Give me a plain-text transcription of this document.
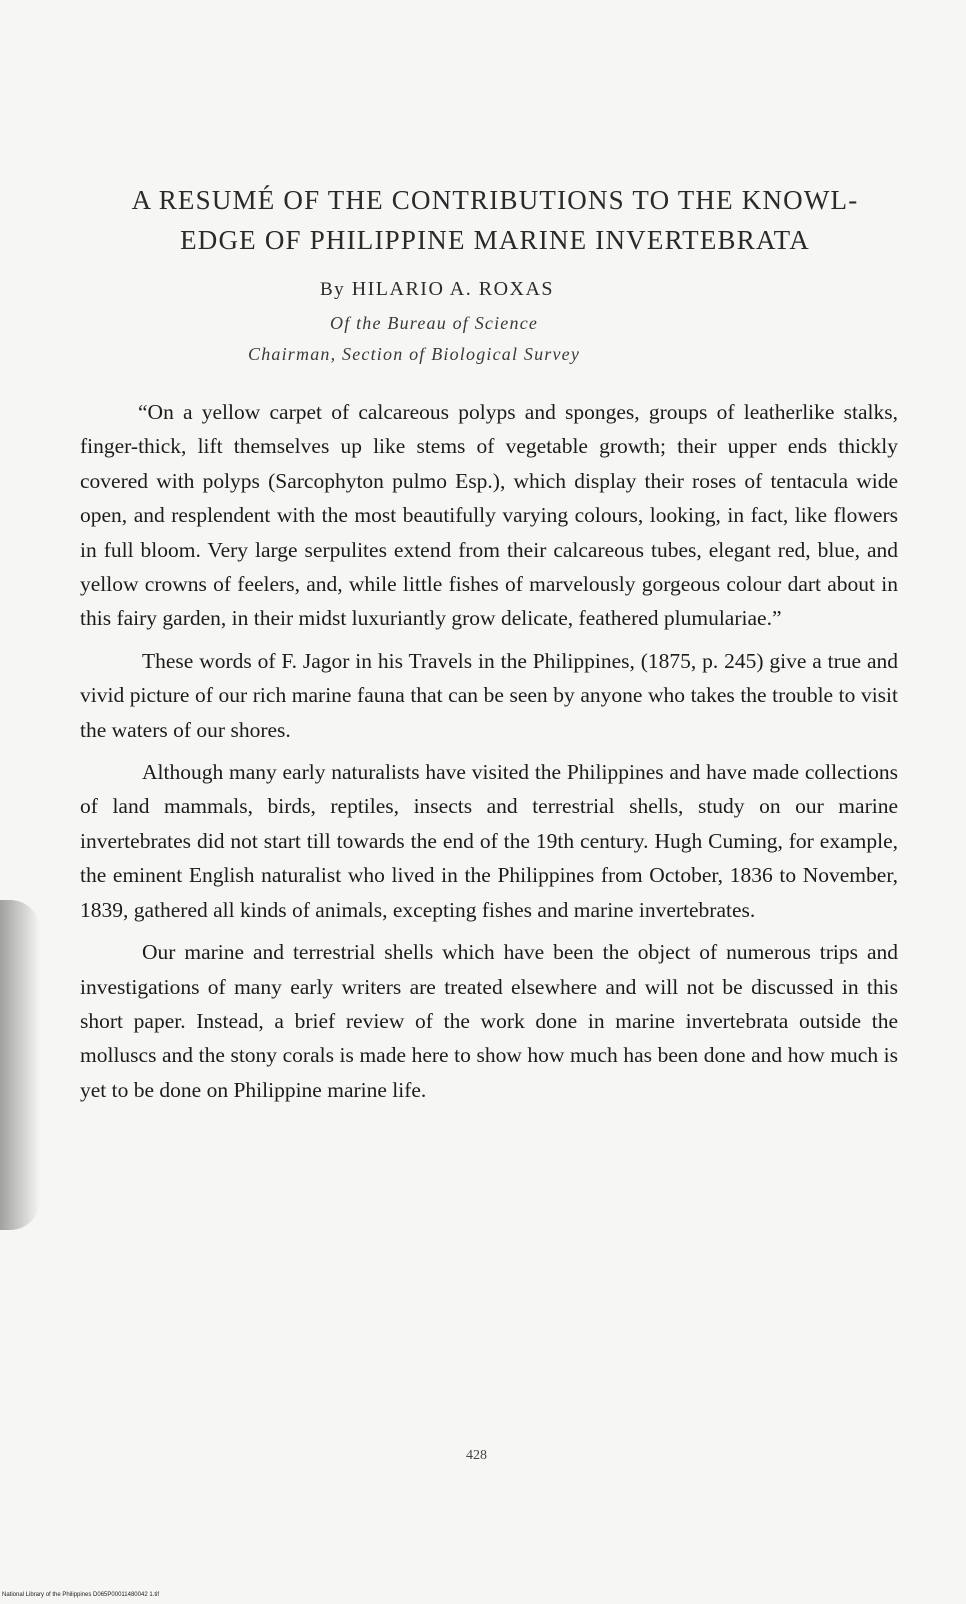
A RESUMÉ OF THE CONTRIBUTIONS TO THE KNOWL-
EDGE OF PHILIPPINE MARINE INVERTEBRATA
By HILARIO A. ROXAS
Of the Bureau of Science
Chairman, Section of Biological Survey

“On a yellow carpet of calcareous polyps and sponges, groups of leatherlike stalks, finger-thick, lift themselves up like stems of vegetable growth; their upper ends thickly covered with polyps (Sarcophyton pulmo Esp.), which display their roses of tentacula wide open, and resplendent with the most beautifully varying colours, looking, in fact, like flowers in full bloom. Very large serpulites extend from their calcareous tubes, elegant red, blue, and yellow crowns of feelers, and, while little fishes of marvelously gorgeous colour dart about in this fairy garden, in their midst luxuriantly grow delicate, feathered plumulariae.”

These words of F. Jagor in his Travels in the Philippines, (1875, p. 245) give a true and vivid picture of our rich marine fauna that can be seen by anyone who takes the trouble to visit the waters of our shores.

Although many early naturalists have visited the Philippines and have made collections of land mammals, birds, reptiles, insects and terrestrial shells, study on our marine invertebrates did not start till towards the end of the 19th century. Hugh Cuming, for example, the eminent English naturalist who lived in the Philippines from October, 1836 to November, 1839, gathered all kinds of animals, excepting fishes and marine invertebrates.

Our marine and terrestrial shells which have been the object of numerous trips and investigations of many early writers are treated elsewhere and will not be discussed in this short paper. Instead, a brief review of the work done in marine invertebrata outside the molluscs and the stony corals is made here to show how much has been done and how much is yet to be done on Philippine marine life.

428
National Library of the Philippines D065P00011480042 1.tif
